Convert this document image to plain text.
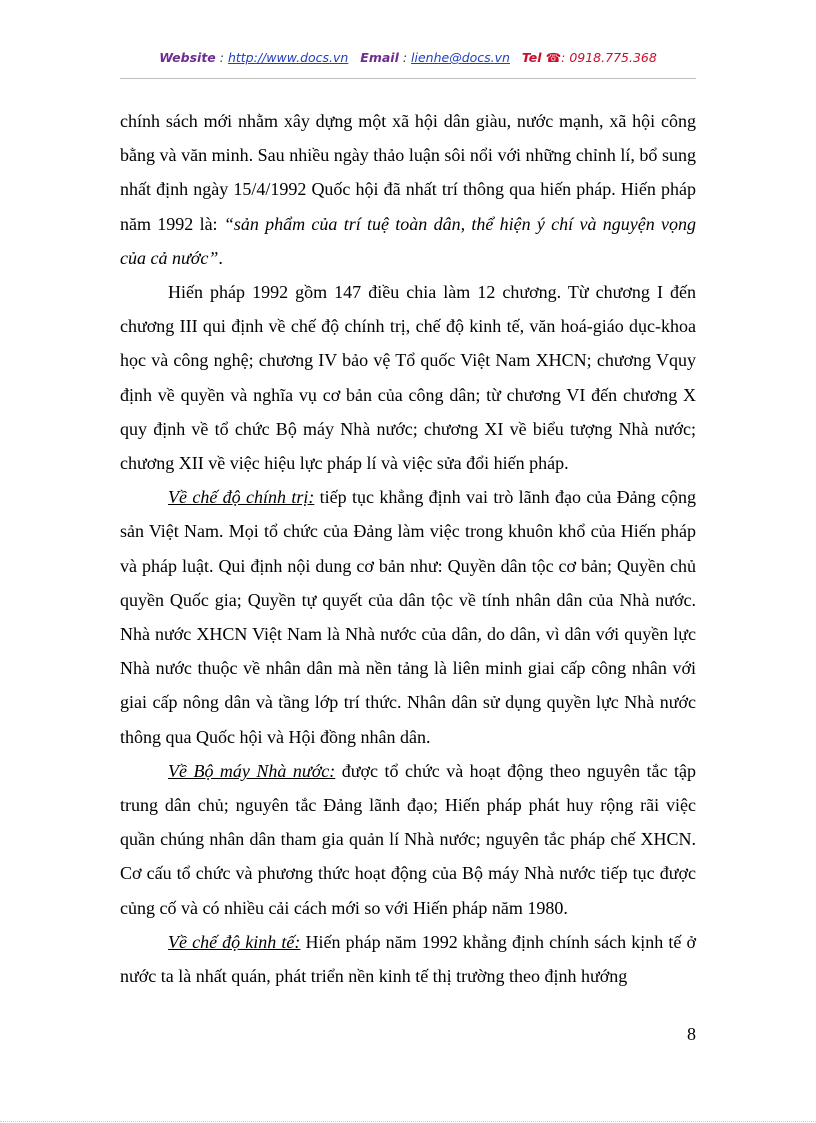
Website : http://www.docs.vn Email : lienhe@docs.vn Tel ☎: 0918.775.368

chính sách mới nhằm xây dựng một xã hội dân giàu, nước mạnh, xã hội công bằng và văn minh. Sau nhiều ngày thảo luận sôi nổi với những chỉnh lí, bổ sung nhất định ngày 15/4/1992 Quốc hội đã nhất trí thông qua hiến pháp. Hiến pháp năm 1992 là: “sản phẩm của trí tuệ toàn dân, thể hiện ý chí và nguyện vọng của cả nước”.

Hiến pháp 1992 gồm 147 điều chia làm 12 chương. Từ chương I đến chương III qui định về chế độ chính trị, chế độ kinh tế, văn hoá-giáo dục-khoa học và công nghệ; chương IV bảo vệ Tổ quốc Việt Nam XHCN; chương Vquy định về quyền và nghĩa vụ cơ bản của công dân; từ chương VI đến chương X quy định về tổ chức Bộ máy Nhà nước; chương XI về biểu tượng Nhà nước; chương XII về việc hiệu lực pháp lí và việc sửa đổi hiến pháp.

Về chế độ chính trị: tiếp tục khẳng định vai trò lãnh đạo của Đảng cộng sản Việt Nam. Mọi tổ chức của Đảng làm việc trong khuôn khổ của Hiến pháp và pháp luật. Qui định nội dung cơ bản như: Quyền dân tộc cơ bản; Quyền chủ quyền Quốc gia; Quyền tự quyết của dân tộc về tính nhân dân của Nhà nước. Nhà nước XHCN Việt Nam là Nhà nước của dân, do dân, vì dân với quyền lực Nhà nước thuộc về nhân dân mà nền tảng là liên minh giai cấp công nhân với giai cấp nông dân và tầng lớp trí thức. Nhân dân sử dụng quyền lực Nhà nước thông qua Quốc hội và Hội đồng nhân dân.

Về Bộ máy Nhà nước: được tổ chức và hoạt động theo nguyên tắc tập trung dân chủ; nguyên tắc Đảng lãnh đạo; Hiến pháp phát huy rộng rãi việc quần chúng nhân dân tham gia quản lí Nhà nước; nguyên tắc pháp chế XHCN. Cơ cấu tổ chức và phương thức hoạt động của Bộ máy Nhà nước tiếp tục được củng cố và có nhiều cải cách mới so với Hiến pháp năm 1980.

Về chế độ kinh tế: Hiến pháp năm 1992 khẳng định chính sách kịnh tế ở nước ta là nhất quán, phát triển nền kinh tế thị trường theo định hướng

8
